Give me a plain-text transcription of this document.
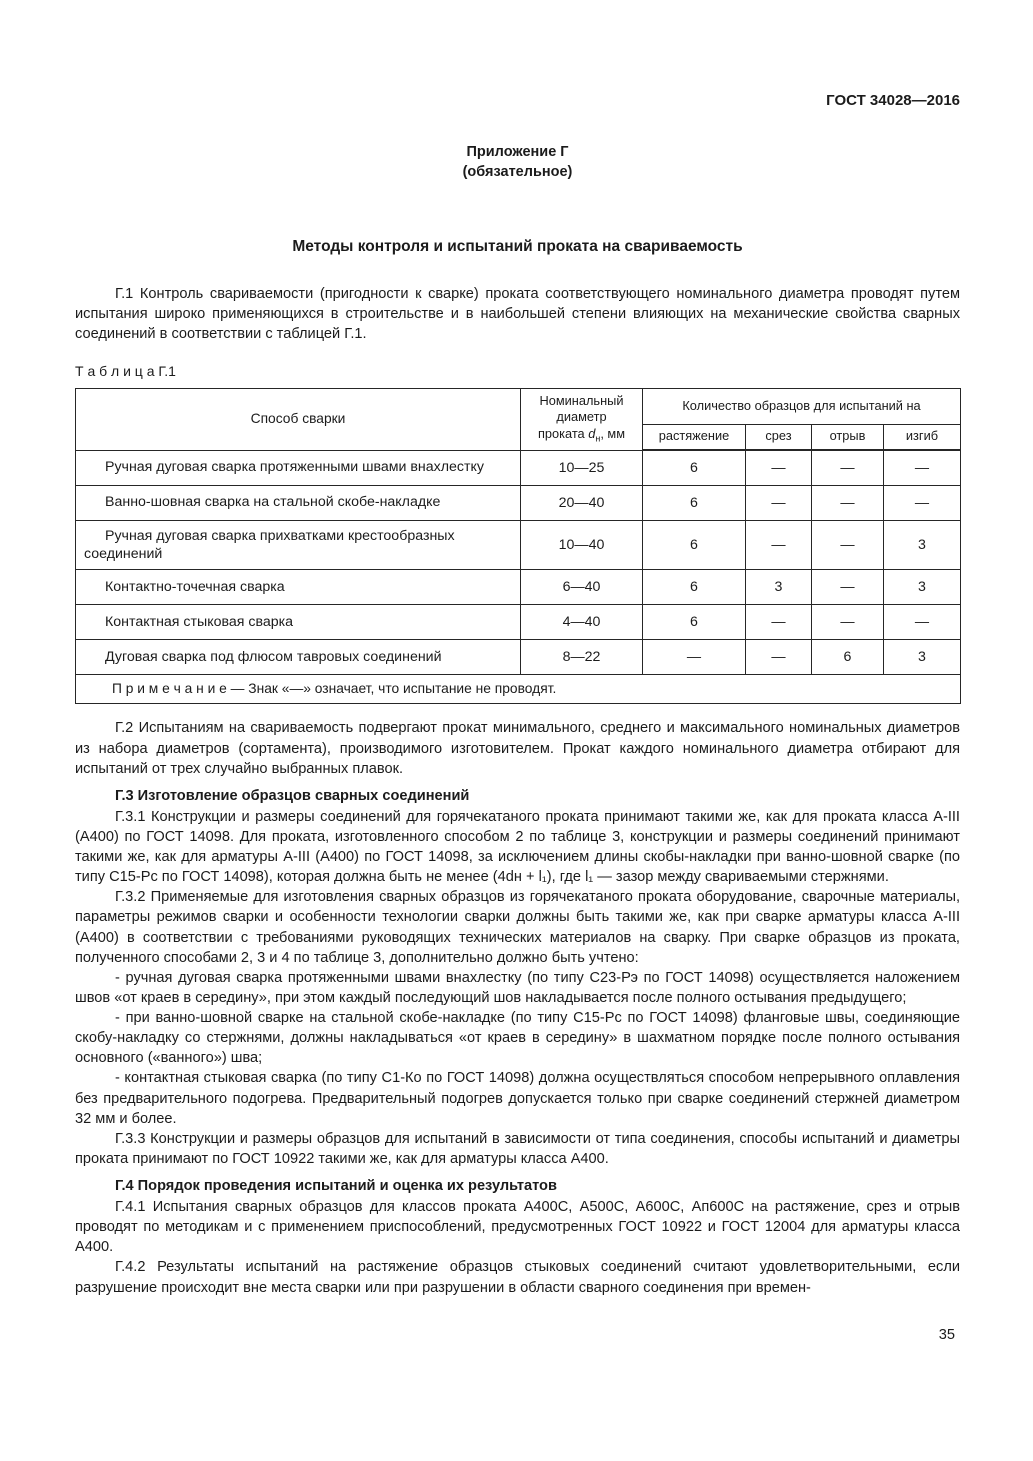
ГОСТ 34028—2016
Приложение Г
(обязательное)
Методы контроля и испытаний проката на свариваемость

Г.1 Контроль свариваемости (пригодности к сварке) проката соответствующего номинального диаметра проводят путем испытания широко применяющихся в строительстве и в наибольшей степени влияющих на механические свойства сварных соединений в соответствии с таблицей Г.1.

Т а б л и ц а Г.1
Способ сварки	Номинальный
диаметр
проката $d_н$, мм	Количество образцов для испытаний на			
		растяжение	срез	отрыв	изгиб
Ручная дуговая сварка протяженными швами внахлестку	10—25	6	—	—	—
Ванно-шовная сварка на стальной скобе-накладке	20—40	6	—	—	—
Ручная дуговая сварка прихватками крестообразных соединений	10—40	6	—	—	3
Контактно-точечная сварка	6—40	6	3	—	3
Контактная стыковая сварка	4—40	6	—	—	—
Дуговая сварка под флюсом тавровых соединений	8—22	—	—	6	3
П р и м е ч а н и е — Знак «—» означает, что испытание не проводят.					

Г.2 Испытаниям на свариваемость подвергают прокат минимального, среднего и максимального номинальных диаметров из набора диаметров (сортамента), производимого изготовителем. Прокат каждого номинального диаметра отбирают для испытаний от трех случайно выбранных плавок.

Г.3 Изготовление образцов сварных соединений

Г.3.1 Конструкции и размеры соединений для горячекатаного проката принимают такими же, как для проката класса А-III (А400) по ГОСТ 14098. Для проката, изготовленного способом 2 по таблице 3, конструкции и размеры соединений принимают такими же, как для арматуры А-III (А400) по ГОСТ 14098, за исключением длины скобы-накладки при ванно-шовной сварке (по типу С15-Рс по ГОСТ 14098), которая должна быть не менее (4dн + l₁), где l₁ — зазор между свариваемыми стержнями.

Г.3.2 Применяемые для изготовления сварных образцов из горячекатаного проката оборудование, сварочные материалы, параметры режимов сварки и особенности технологии сварки должны быть такими же, как при сварке арматуры класса А-III (А400) в соответствии с требованиями руководящих технических материалов на сварку. При сварке образцов из проката, полученного способами 2, 3 и 4 по таблице 3, дополнительно должно быть учтено:

- ручная дуговая сварка протяженными швами внахлестку (по типу С23-Рэ по ГОСТ 14098) осуществляется наложением швов «от краев в середину», при этом каждый последующий шов накладывается после полного остывания предыдущего;

- при ванно-шовной сварке на стальной скобе-накладке (по типу С15-Рс по ГОСТ 14098) фланговые швы, соединяющие скобу-накладку со стержнями, должны накладываться «от краев в середину» в шахматном порядке после полного остывания основного («ванного») шва;

- контактная стыковая сварка (по типу С1-Ко по ГОСТ 14098) должна осуществляться способом непрерывного оплавления без предварительного подогрева. Предварительный подогрев допускается только при сварке соединений стержней диаметром 32 мм и более.

Г.3.3 Конструкции и размеры образцов для испытаний в зависимости от типа соединения, способы испытаний и диаметры проката принимают по ГОСТ 10922 такими же, как для арматуры класса А400.

Г.4 Порядок проведения испытаний и оценка их результатов

Г.4.1 Испытания сварных образцов для классов проката А400С, А500С, А600С, Ап600С на растяжение, срез и отрыв проводят по методикам и с применением приспособлений, предусмотренных ГОСТ 10922 и ГОСТ 12004 для арматуры класса А400.

Г.4.2 Результаты испытаний на растяжение образцов стыковых соединений считают удовлетворительными, если разрушение происходит вне места сварки или при разрушении в области сварного соединения при времен-

35
